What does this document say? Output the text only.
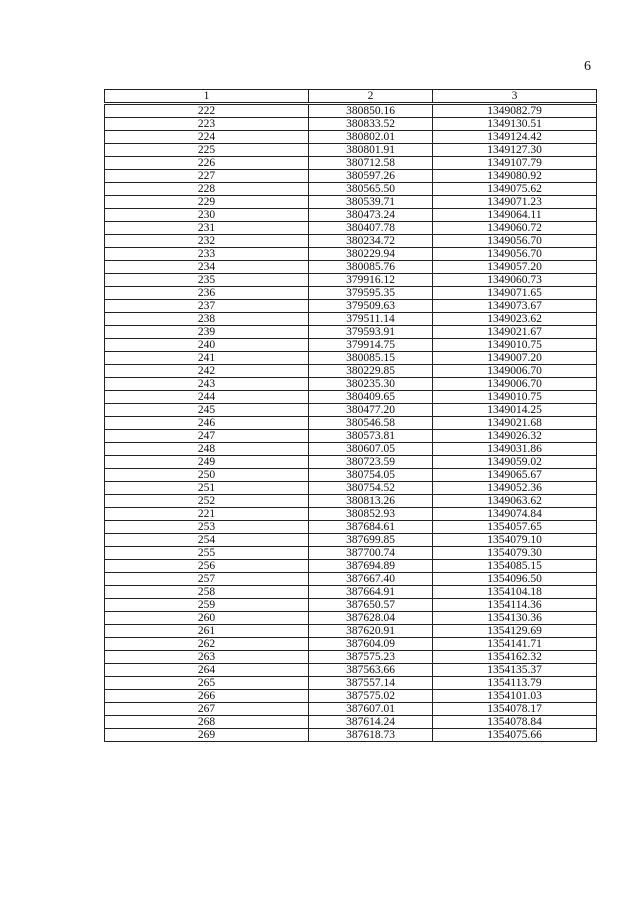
6
1	2	3
222	380850.16	1349082.79
223	380833.52	1349130.51
224	380802.01	1349124.42
225	380801.91	1349127.30
226	380712.58	1349107.79
227	380597.26	1349080.92
228	380565.50	1349075.62
229	380539.71	1349071.23
230	380473.24	1349064.11
231	380407.78	1349060.72
232	380234.72	1349056.70
233	380229.94	1349056.70
234	380085.76	1349057.20
235	379916.12	1349060.73
236	379595.35	1349071.65
237	379509.63	1349073.67
238	379511.14	1349023.62
239	379593.91	1349021.67
240	379914.75	1349010.75
241	380085.15	1349007.20
242	380229.85	1349006.70
243	380235.30	1349006.70
244	380409.65	1349010.75
245	380477.20	1349014.25
246	380546.58	1349021.68
247	380573.81	1349026.32
248	380607.05	1349031.86
249	380723.59	1349059.02
250	380754.05	1349065.67
251	380754.52	1349052.36
252	380813.26	1349063.62
221	380852.93	1349074.84
253	387684.61	1354057.65
254	387699.85	1354079.10
255	387700.74	1354079.30
256	387694.89	1354085.15
257	387667.40	1354096.50
258	387664.91	1354104.18
259	387650.57	1354114.36
260	387628.04	1354130.36
261	387620.91	1354129.69
262	387604.09	1354141.71
263	387575.23	1354162.32
264	387563.66	1354135.37
265	387557.14	1354113.79
266	387575.02	1354101.03
267	387607.01	1354078.17
268	387614.24	1354078.84
269	387618.73	1354075.66
